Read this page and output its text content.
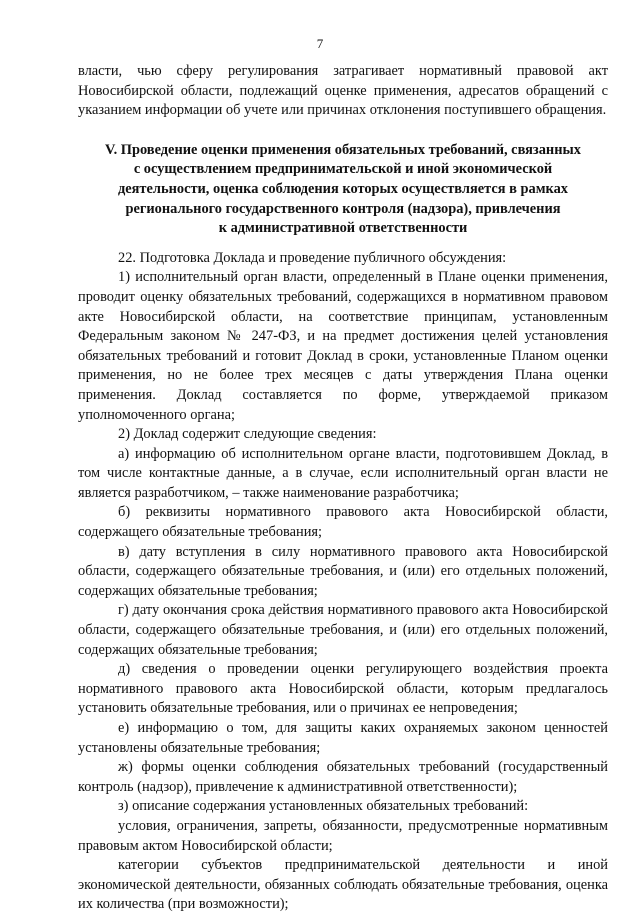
7

власти, чью сферу регулирования затрагивает нормативный правовой акт Новосибирской области, подлежащий оценке применения, адресатов обращений с указанием информации об учете или причинах отклонения поступившего обращения.

V. Проведение оценки применения обязательных требований, связанных
с осуществлением предпринимательской и иной экономической
деятельности, оценка соблюдения которых осуществляется в рамках
регионального государственного контроля (надзора), привлечения
к административной ответственности

22. Подготовка Доклада и проведение публичного обсуждения:

1) исполнительный орган власти, определенный в Плане оценки применения, проводит оценку обязательных требований, содержащихся в нормативном правовом акте Новосибирской области, на соответствие принципам, установленным Федеральным законом № 247-ФЗ, и на предмет достижения целей установления обязательных требований и готовит Доклад в сроки, установленные Планом оценки применения, но не более трех месяцев с даты утверждения Плана оценки применения. Доклад составляется по форме, утверждаемой приказом уполномоченного органа;

2) Доклад содержит следующие сведения:

а) информацию об исполнительном органе власти, подготовившем Доклад, в том числе контактные данные, а в случае, если исполнительный орган власти не является разработчиком, – также наименование разработчика;

б) реквизиты нормативного правового акта Новосибирской области, содержащего обязательные требования;

в) дату вступления в силу нормативного правового акта Новосибирской области, содержащего обязательные требования, и (или) его отдельных положений, содержащих обязательные требования;

г) дату окончания срока действия нормативного правового акта Новосибирской области, содержащего обязательные требования, и (или) его отдельных положений, содержащих обязательные требования;

д) сведения о проведении оценки регулирующего воздействия проекта нормативного правового акта Новосибирской области, которым предлагалось установить обязательные требования, или о причинах ее непроведения;

е) информацию о том, для защиты каких охраняемых законом ценностей установлены обязательные требования;

ж) формы оценки соблюдения обязательных требований (государственный контроль (надзор), привлечение к административной ответственности);

з) описание содержания установленных обязательных требований:

условия, ограничения, запреты, обязанности, предусмотренные нормативным правовым актом Новосибирской области;

категории субъектов предпринимательской деятельности и иной экономической деятельности, обязанных соблюдать обязательные требования, оценка их количества (при возможности);
